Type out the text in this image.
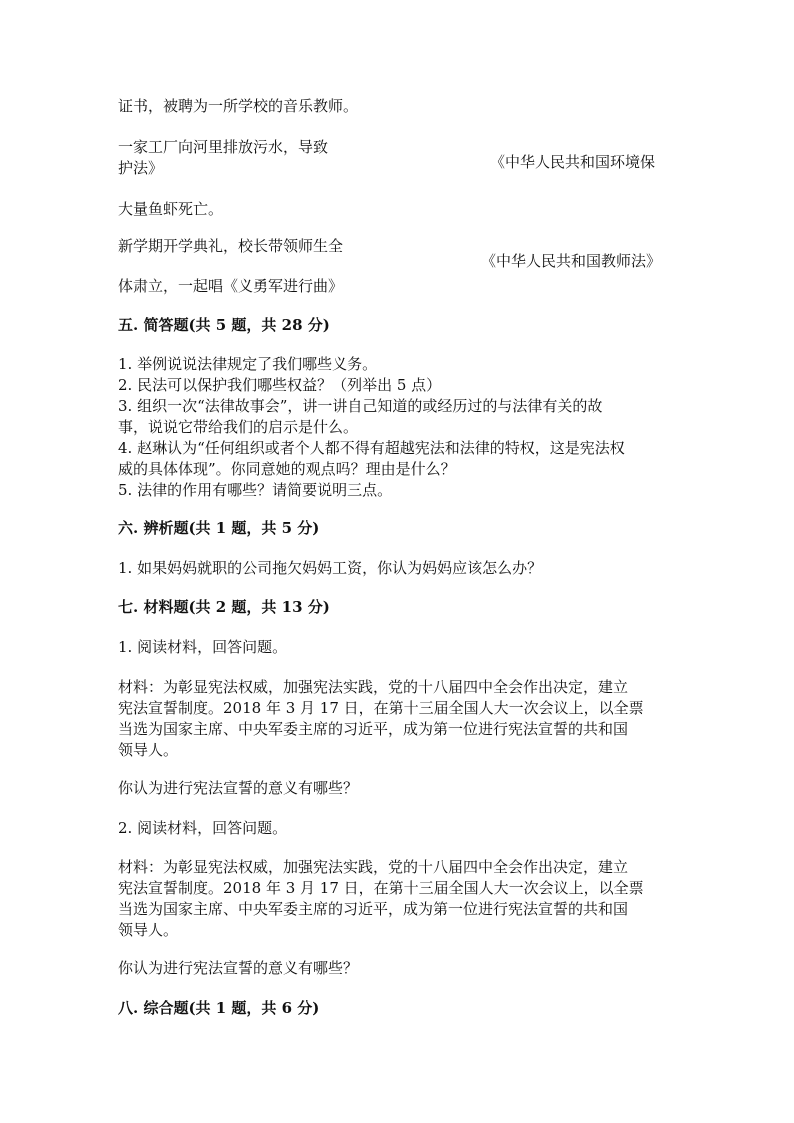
证书，被聘为一所学校的音乐教师。

一家工厂向河里排放污水，导致

《中华人民共和国环境保

护法》

大量鱼虾死亡。

新学期开学典礼，校长带领师生全

《中华人民共和国教师法》

体肃立，一起唱《义勇军进行曲》

五. 简答题(共 5 题，共 28 分)

1. 举例说说法律规定了我们哪些义务。
2. 民法可以保护我们哪些权益？（列举出 5 点）
3. 组织一次“法律故事会”，讲一讲自己知道的或经历过的与法律有关的故
事，说说它带给我们的启示是什么。
4. 赵琳认为“任何组织或者个人都不得有超越宪法和法律的特权，这是宪法权
威的具体体现”。你同意她的观点吗？理由是什么？
5. 法律的作用有哪些？请简要说明三点。

六. 辨析题(共 1 题，共 5 分)

1. 如果妈妈就职的公司拖欠妈妈工资，你认为妈妈应该怎么办？

七. 材料题(共 2 题，共 13 分)

1. 阅读材料，回答问题。

材料：为彰显宪法权威，加强宪法实践，党的十八届四中全会作出决定，建立
宪法宣誓制度。2018 年 3 月 17 日，在第十三届全国人大一次会议上，以全票
当选为国家主席、中央军委主席的习近平，成为第一位进行宪法宣誓的共和国
领导人。

你认为进行宪法宣誓的意义有哪些？

2. 阅读材料，回答问题。

材料：为彰显宪法权威，加强宪法实践，党的十八届四中全会作出决定，建立
宪法宣誓制度。2018 年 3 月 17 日，在第十三届全国人大一次会议上，以全票
当选为国家主席、中央军委主席的习近平，成为第一位进行宪法宣誓的共和国
领导人。

你认为进行宪法宣誓的意义有哪些？

八. 综合题(共 1 题，共 6 分)
